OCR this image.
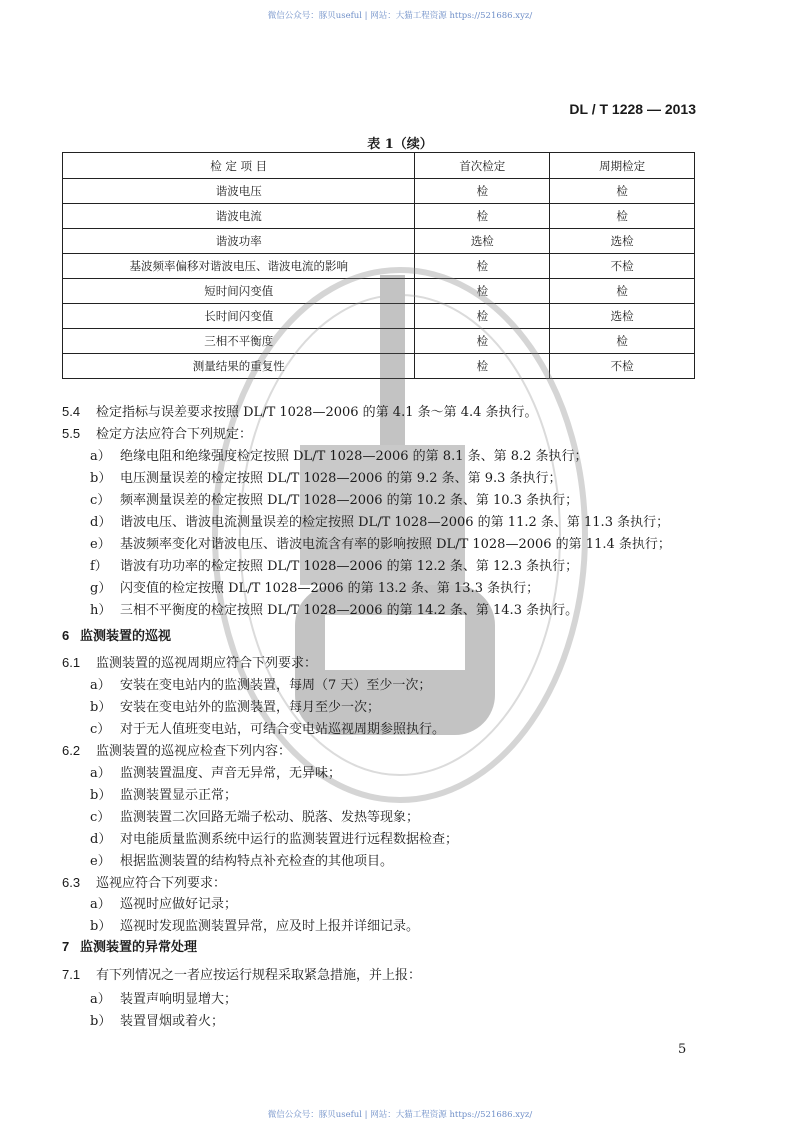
微信公众号：豚贝useful | 网站：大猫工程资源 https://521686.xyz/
DL / T 1228 — 2013
表 1（续）
检 定 项 目	首次检定	周期检定
谐波电压	检	检
谐波电流	检	检
谐波功率	选检	选检
基波频率偏移对谐波电压、谐波电流的影响	检	不检
短时间闪变值	检	检
长时间闪变值	检	选检
三相不平衡度	检	检
测量结果的重复性	检	不检
5.4 检定指标与误差要求按照 DL/T 1028—2006 的第 4.1 条～第 4.4 条执行。
5.5 检定方法应符合下列规定：
a） 绝缘电阻和绝缘强度检定按照 DL/T 1028—2006 的第 8.1 条、第 8.2 条执行；
b） 电压测量误差的检定按照 DL/T 1028—2006 的第 9.2 条、第 9.3 条执行；
c） 频率测量误差的检定按照 DL/T 1028—2006 的第 10.2 条、第 10.3 条执行；
d） 谐波电压、谐波电流测量误差的检定按照 DL/T 1028—2006 的第 11.2 条、第 11.3 条执行；
e） 基波频率变化对谐波电压、谐波电流含有率的影响按照 DL/T 1028—2006 的第 11.4 条执行；
f） 谐波有功功率的检定按照 DL/T 1028—2006 的第 12.2 条、第 12.3 条执行；
g） 闪变值的检定按照 DL/T 1028—2006 的第 13.2 条、第 13.3 条执行；
h） 三相不平衡度的检定按照 DL/T 1028—2006 的第 14.2 条、第 14.3 条执行。
6 监测装置的巡视
6.1 监测装置的巡视周期应符合下列要求：
a） 安装在变电站内的监测装置，每周（7 天）至少一次；
b） 安装在变电站外的监测装置，每月至少一次；
c） 对于无人值班变电站，可结合变电站巡视周期参照执行。
6.2 监测装置的巡视应检查下列内容：
a） 监测装置温度、声音无异常，无异味；
b） 监测装置显示正常；
c） 监测装置二次回路无端子松动、脱落、发热等现象；
d） 对电能质量监测系统中运行的监测装置进行远程数据检查；
e） 根据监测装置的结构特点补充检查的其他项目。
6.3 巡视应符合下列要求：
a） 巡视时应做好记录；
b） 巡视时发现监测装置异常，应及时上报并详细记录。
7 监测装置的异常处理
7.1 有下列情况之一者应按运行规程采取紧急措施，并上报：
a） 装置声响明显增大；
b） 装置冒烟或着火；
5
微信公众号：豚贝useful | 网站：大猫工程资源 https://521686.xyz/
